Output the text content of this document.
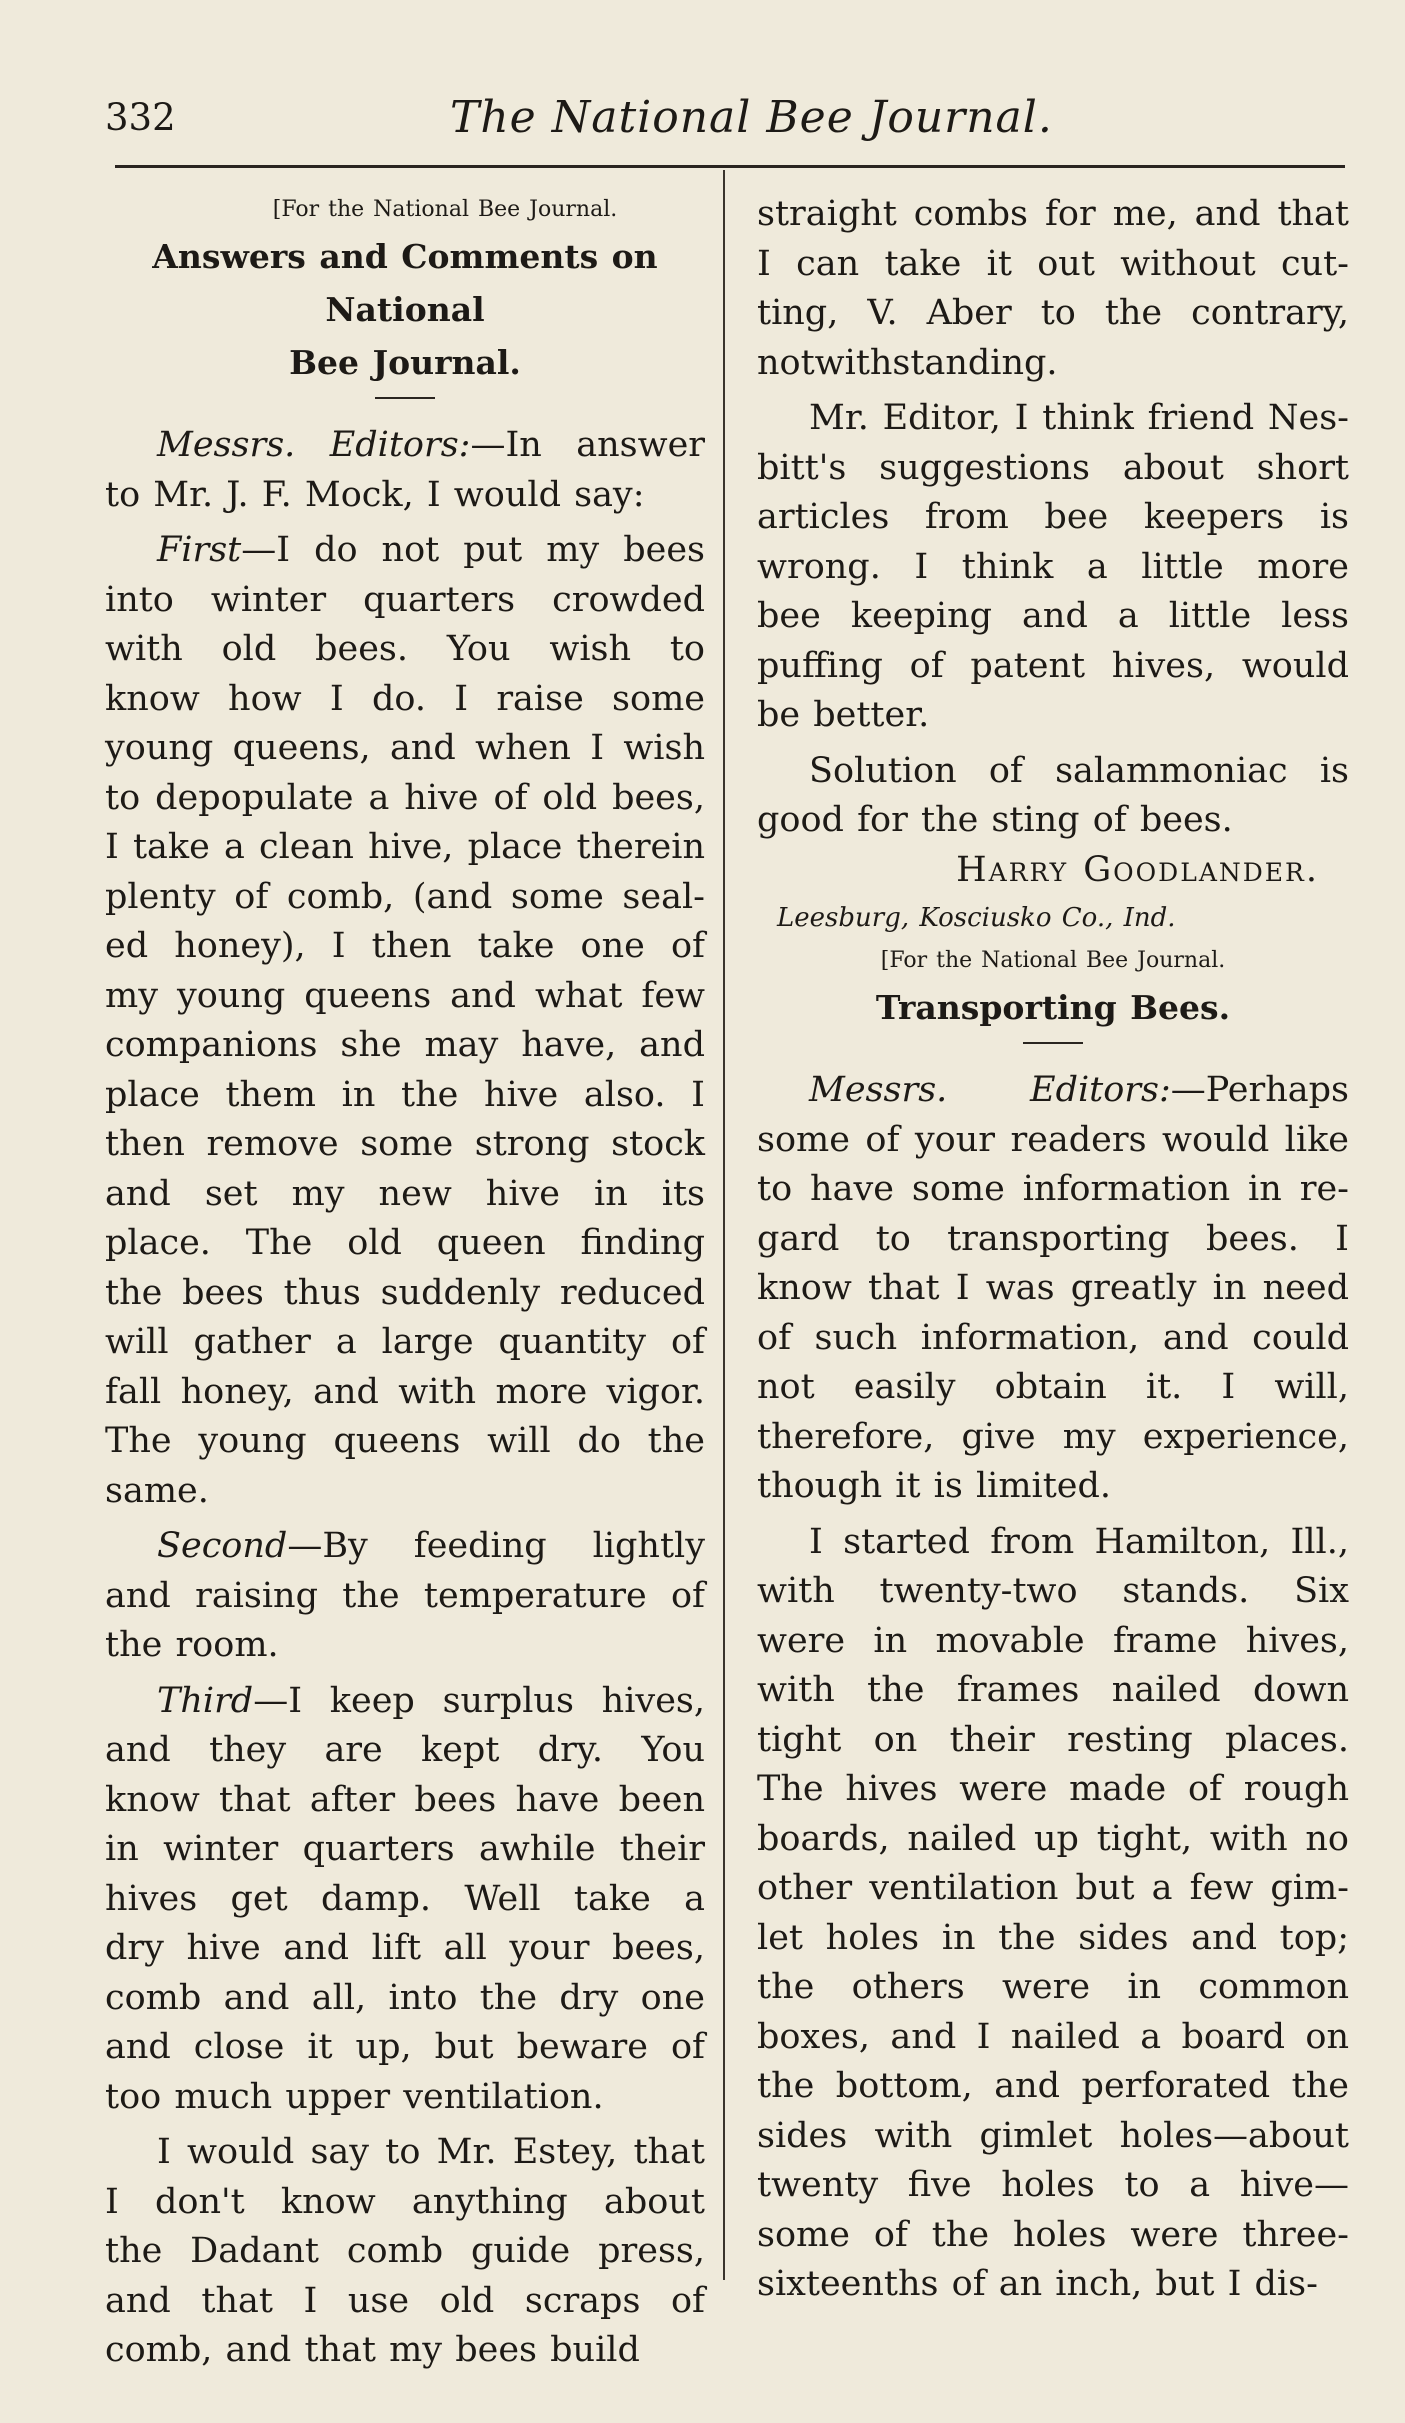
332	The National Bee Journal.
[For the National Bee Journal.
Answers and Comments on National
Bee Journal.
Messrs. Editors:—In answer
to Mr. J. F. Mock, I would say:
First—I do not put my bees
into winter quarters crowded
with old bees. You wish to
know how I do. I raise some
young queens, and when I wish
to depopulate a hive of old bees,
I take a clean hive, place therein
plenty of comb, (and some seal-
ed honey), I then take one of
my young queens and what few
companions she may have, and
place them in the hive also. I
then remove some strong stock
and set my new hive in its
place. The old queen finding
the bees thus suddenly reduced
will gather a large quantity of
fall honey, and with more vigor.
The young queens will do the
same.
Second—By feeding lightly
and raising the temperature of
the room.
Third—I keep surplus hives,
and they are kept dry. You
know that after bees have been
in winter quarters awhile their
hives get damp. Well take a
dry hive and lift all your bees,
comb and all, into the dry one
and close it up, but beware of
too much upper ventilation.
I would say to Mr. Estey, that
I don't know anything about
the Dadant comb guide press,
and that I use old scraps of
comb, and that my bees build
straight combs for me, and that
I can take it out without cut-
ting, V. Aber to the contrary,
notwithstanding.
Mr. Editor, I think friend Nes-
bitt's suggestions about short
articles from bee keepers is
wrong. I think a little more
bee keeping and a little less
puffing of patent hives, would
be better.
Solution of salammoniac is
good for the sting of bees.
Harry Goodlander.
Leesburg, Kosciusko Co., Ind.
[For the National Bee Journal.
Transporting Bees.
Messrs. Editors:—Perhaps
some of your readers would like
to have some information in re-
gard to transporting bees. I
know that I was greatly in need
of such information, and could
not easily obtain it. I will,
therefore, give my experience,
though it is limited.
I started from Hamilton, Ill.,
with twenty-two stands. Six
were in movable frame hives,
with the frames nailed down
tight on their resting places.
The hives were made of rough
boards, nailed up tight, with no
other ventilation but a few gim-
let holes in the sides and top;
the others were in common
boxes, and I nailed a board on
the bottom, and perforated the
sides with gimlet holes—about
twenty five holes to a hive—
some of the holes were three-
sixteenths of an inch, but I dis-
